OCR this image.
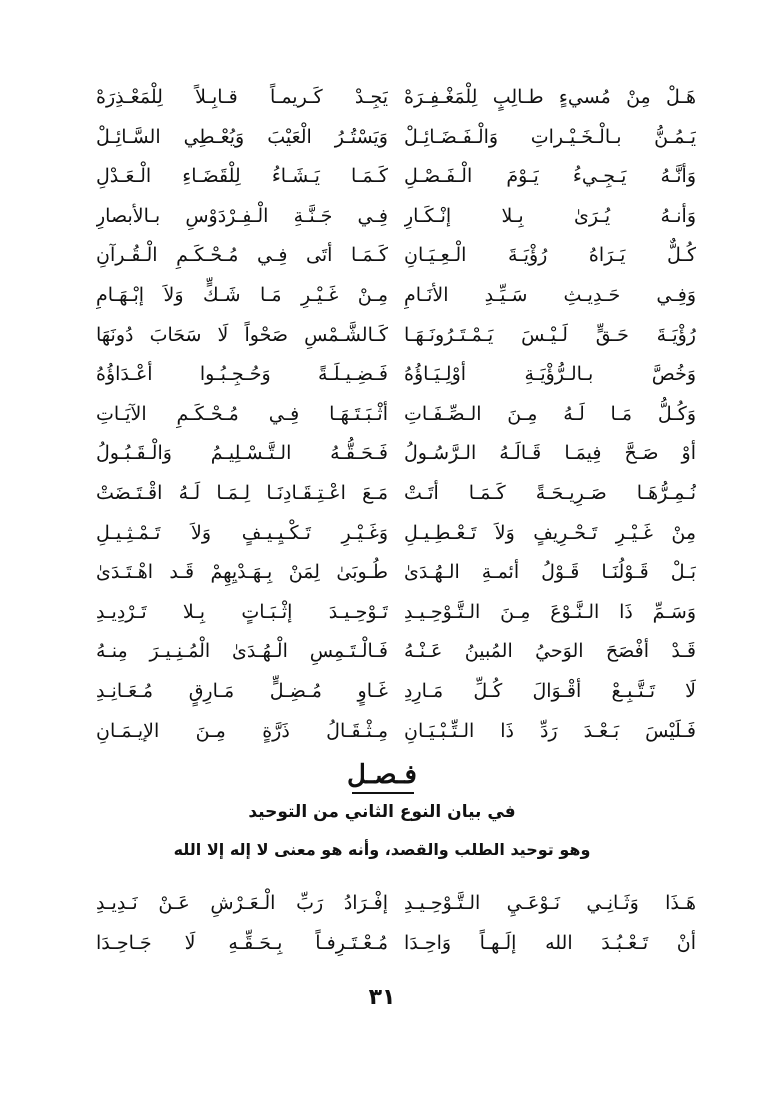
هَـلْ مِنْ مُسيءٍ طـالِبٍ لِلْمَغْـفِـرَهْ
يَجِـدْ كَـريمـاً قـابِـلاً لِلْمَعْـذِرَهْ
يَـمُـنُّ بـالْـخَـيْـراتِ وَالْـفَـضَـائِـلْ
وَيَسْتُـرُ الْعَيْبَ وَيُعْـطِي السَّـائِـلْ
وَأنَّـهُ يَـجِـيءُ يَـوْمَ الْـفَـصْـلِ
كَـمَـا يَـشَـاءُ لِلْقَضَـاءِ الْـعَـدْلِ
وَأنـهُ يُـرَىٰ بِـلا إنْـكَـارِ
فِـي جَـنَّـةِ الْـفِـرْدَوْسِ بـالأبصارِ
كُـلٌّ يَـرَاهُ رُؤْيَـةَ الْـعِـيَـانِ
كَـمَـا أتَى فِـي مُـحْـكَـمِ الْـقُـرآنِ
وَفِـي حَـدِيـثِ سَـيِّـدِ الأنَـامِ
مِـنْ غَـيْـرِ مَـا شَـكٍّ وَلاَ إبْـهَـامِ
رُؤْيَـةَ حَـقٍّ لَـيْـسَ يَـمْـتَـرُونَـهَـا
كَـالشَّـمْسِ صَحْواً لَا سَحَابَ دُونَهَا
وَخُصَّ بـالـرُّؤْيَـةِ أوْلِـيَـاؤُهُ
فَـضِـيـلَـةً وَحُـجِـبُـوا أعْـدَاؤُهُ
وَكُـلُّ مَـا لَـهُ مِـنَ الـصِّـفَـاتِ
أثْـبَـتَـهَـا فِـي مُـحْـكَـمِ الآيَـاتِ
أوْ صَـحَّ فِيمَـا قَـالَـهُ الـرَّسُـولُ
فَـحَـقُّـهُ الـتَّـسْـلِيـمُ وَالْـقَـبُـولُ
نُـمِـرُّهَـا صَـرِيـحَـةً كَـمَـا أتَـتْ
مَـعَ اعْـتِـقَـادِنَـا لِـمَـا لَـهُ اقْـتَـضَتْ
مِنْ غَـيْـرِ تَـحْـرِيفٍ وَلاَ تَـعْـطِـيـلِ
وَغَـيْـرِ تَـكْـيِـيـفٍ وَلاَ تَـمْـثِـيـلِ
بَـلْ قَـوْلُنَـا قَـوْلُ أئمـةِ الـهُـدَىٰ
طُـوبَىٰ لِمَنْ بِـهَـدْيِهِمْ قَـد اهْـتَـدَىٰ
وَسَـمِّ ذَا الـنَّـوْعَ مِـنَ الـتَّـوْحِـيـدِ
تَـوْحِـيـدَ إثْـبَـاتٍ بِـلا تَـرْدِيـدِ
قَـدْ أفْصَحَ الوَحيُ المُبينُ عَـنْـهُ
فَـالْـتَـمِسِ الْـهُـدَىٰ الْمُـنِـيـرَ مِنـهُ
لَا تَـتَّـبِـعْ أقْـوَالَ كُـلِّ مَـارِدِ
غَـاوٍ مُـضِـلٍّ مَـارِقٍ مُـعَـانِـدِ
فَـلَيْسَ بَـعْـدَ رَدِّ ذَا الـتِّـبْـيَـانِ
مِـثْـقَـالُ ذَرَّةٍ مِـنَ الإيـمَـانِ
فـصـل
في بيان النوع الثاني من التوحيد
وهو توحيد الطلب والقصد، وأنه هو معنى لا إله إلا الله
هَـذَا وَثَـانِـي نَـوْعَـيِ الـتَّـوْحِـيـدِ
إفْـرَادُ رَبِّ الْـعَـرْشِ عَـنْ نَـدِيـدِ
أنْ تَـعْـبُـدَ الله إلَـهـاً وَاحِـدَا
مُـعْـتَـرِفـاً بِـحَـقِّـهِ لَا جَـاحِـدَا
٣١
